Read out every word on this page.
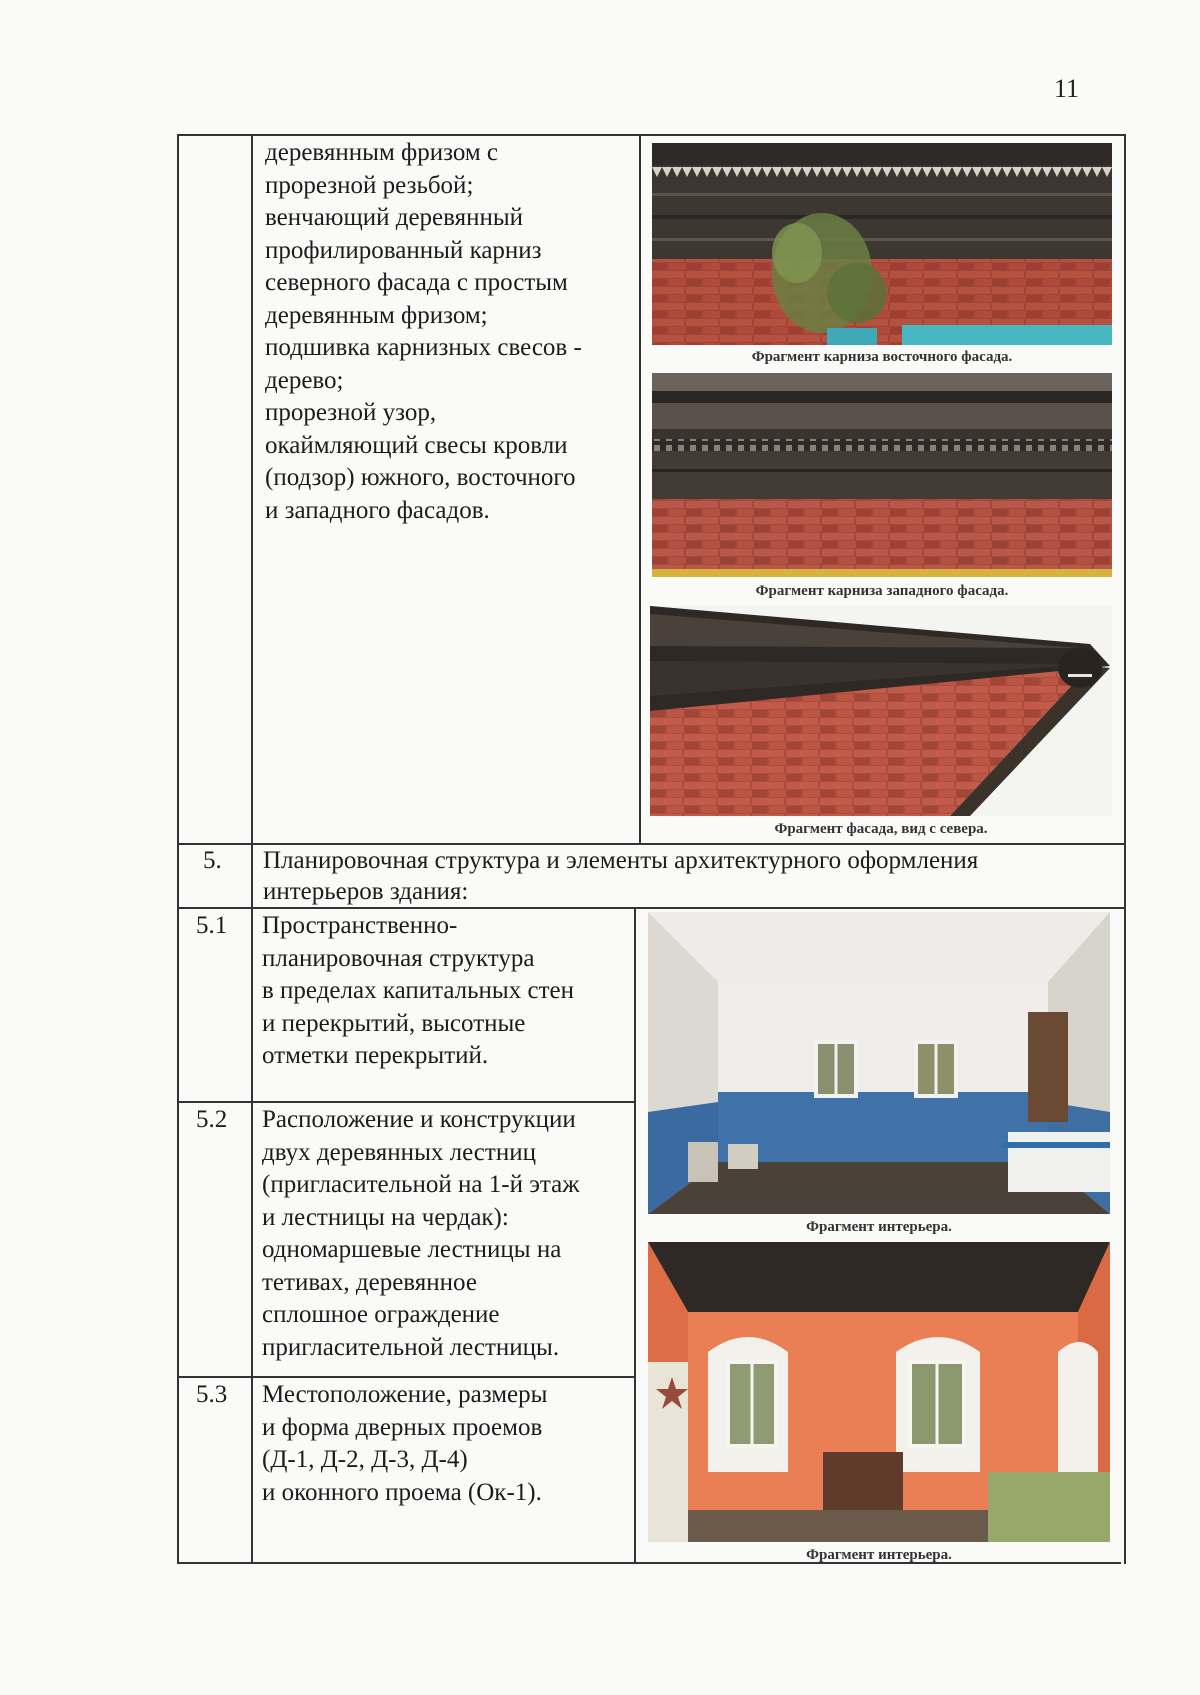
11
деревянным фризом с
прорезной резьбой;
венчающий деревянный
профилированный карниз
северного фасада с простым
деревянным фризом;
подшивка карнизных свесов -
дерево;
прорезной узор,
окаймляющий свесы кровли
(подзор) южного, восточного
и западного фасадов.
5. Планировочная структура и элементы архитектурного оформления
интерьеров здания:
5.1 Пространственно-
планировочная структура
в пределах капитальных стен
и перекрытий, высотные
отметки перекрытий.
5.2 Расположение и конструкции
двух деревянных лестниц
(пригласительной на 1-й этаж
и лестницы на чердак):
одномаршевые лестницы на
тетивах, деревянное
сплошное ограждение
пригласительной лестницы.
5.3 Местоположение, размеры
и форма дверных проемов
(Д-1, Д-2, Д-3, Д-4)
и оконного проема (Ок-1).
Фрагмент карниза восточного фасада.
Фрагмент карниза западного фасада.
Фрагмент фасада, вид с севера.
Фрагмент интерьера.
Фрагмент интерьера.
